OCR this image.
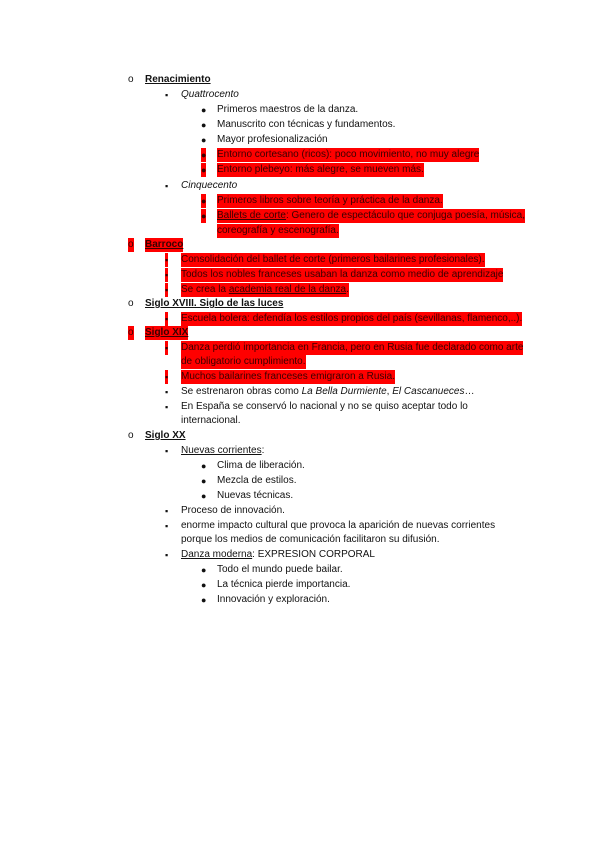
o Renacimiento
▪ Quattrocento
● Primeros maestros de la danza.
● Manuscrito con técnicas y fundamentos.
● Mayor profesionalización
● Entorno cortesano (ricos): poco movimiento, no muy alegre
● Entorno plebeyo: más alegre, se mueven más.
▪ Cinquecento
● Primeros libros sobre teoría y práctica de la danza.
● Ballets de corte: Genero de espectáculo que conjuga poesía, música,
coreografía y escenografía.
o Barroco
▪ Consolidación del ballet de corte (primeros bailarines profesionales).
▪ Todos los nobles franceses usaban la danza como medio de aprendizaje
▪ Se crea la academia real de la danza.
o Siglo XVIII. Siglo de las luces
▪ Escuela bolera: defendía los estilos propios del país (sevillanas, flamenco,..).
o Siglo XIX
▪ Danza perdió importancia en Francia, pero en Rusia fue declarado como arte
de obligatorio cumplimiento.
▪ Muchos bailarines franceses emigraron a Rusia.
▪ Se estrenaron obras como La Bella Durmiente, El Cascanueces…
▪ En España se conservó lo nacional y no se quiso aceptar todo lo
internacional.
o Siglo XX
▪ Nuevas corrientes:
● Clima de liberación.
● Mezcla de estilos.
● Nuevas técnicas.
▪ Proceso de innovación.
▪ enorme impacto cultural que provoca la aparición de nuevas corrientes
porque los medios de comunicación facilitaron su difusión.
▪ Danza moderna: EXPRESION CORPORAL
● Todo el mundo puede bailar.
● La técnica pierde importancia.
● Innovación y exploración.
